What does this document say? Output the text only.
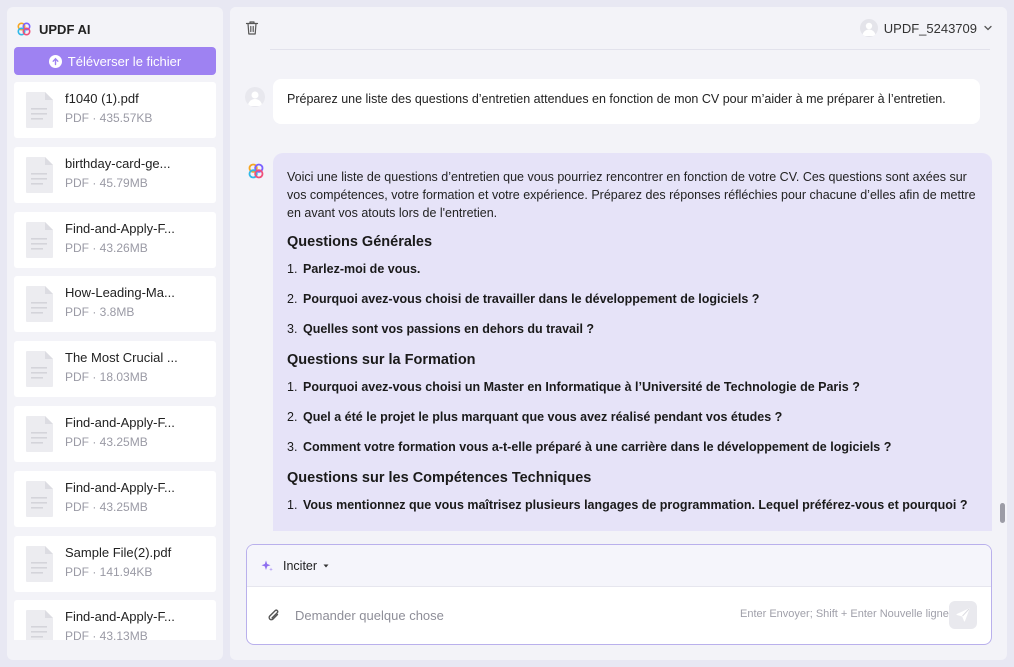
UPDF AI
Téléverser le fichier
f1040 (1).pdf
PDF · 435.57KB
birthday-card-ge...
PDF · 45.79MB
Find-and-Apply-F...
PDF · 43.26MB
How-Leading-Ma...
PDF · 3.8MB
The Most Crucial ...
PDF · 18.03MB
Find-and-Apply-F...
PDF · 43.25MB
Find-and-Apply-F...
PDF · 43.25MB
Sample File(2).pdf
PDF · 141.94KB
Find-and-Apply-F...
PDF · 43.13MB
UPDF_5243709
Préparez une liste des questions d’entretien attendues en fonction de mon CV pour m’aider à me préparer à l’entretien.

Voici une liste de questions d’entretien que vous pourriez rencontrer en fonction de votre CV. Ces questions sont axées sur vos compétences, votre formation et votre expérience. Préparez des réponses réfléchies pour chacune d’elles afin de mettre en avant vos atouts lors de l'entretien.

Questions Générales
1. Parlez-moi de vous.
2. Pourquoi avez-vous choisi de travailler dans le développement de logiciels ?
3. Quelles sont vos passions en dehors du travail ?
Questions sur la Formation
1. Pourquoi avez-vous choisi un Master en Informatique à l’Université de Technologie de Paris ?
2. Quel a été le projet le plus marquant que vous avez réalisé pendant vos études ?
3. Comment votre formation vous a-t-elle préparé à une carrière dans le développement de logiciels ?
Questions sur les Compétences Techniques
1. Vous mentionnez que vous maîtrisez plusieurs langages de programmation. Lequel préférez-vous et pourquoi ?
Inciter
Demander quelque chose
Enter Envoyer; Shift + Enter Nouvelle ligne
